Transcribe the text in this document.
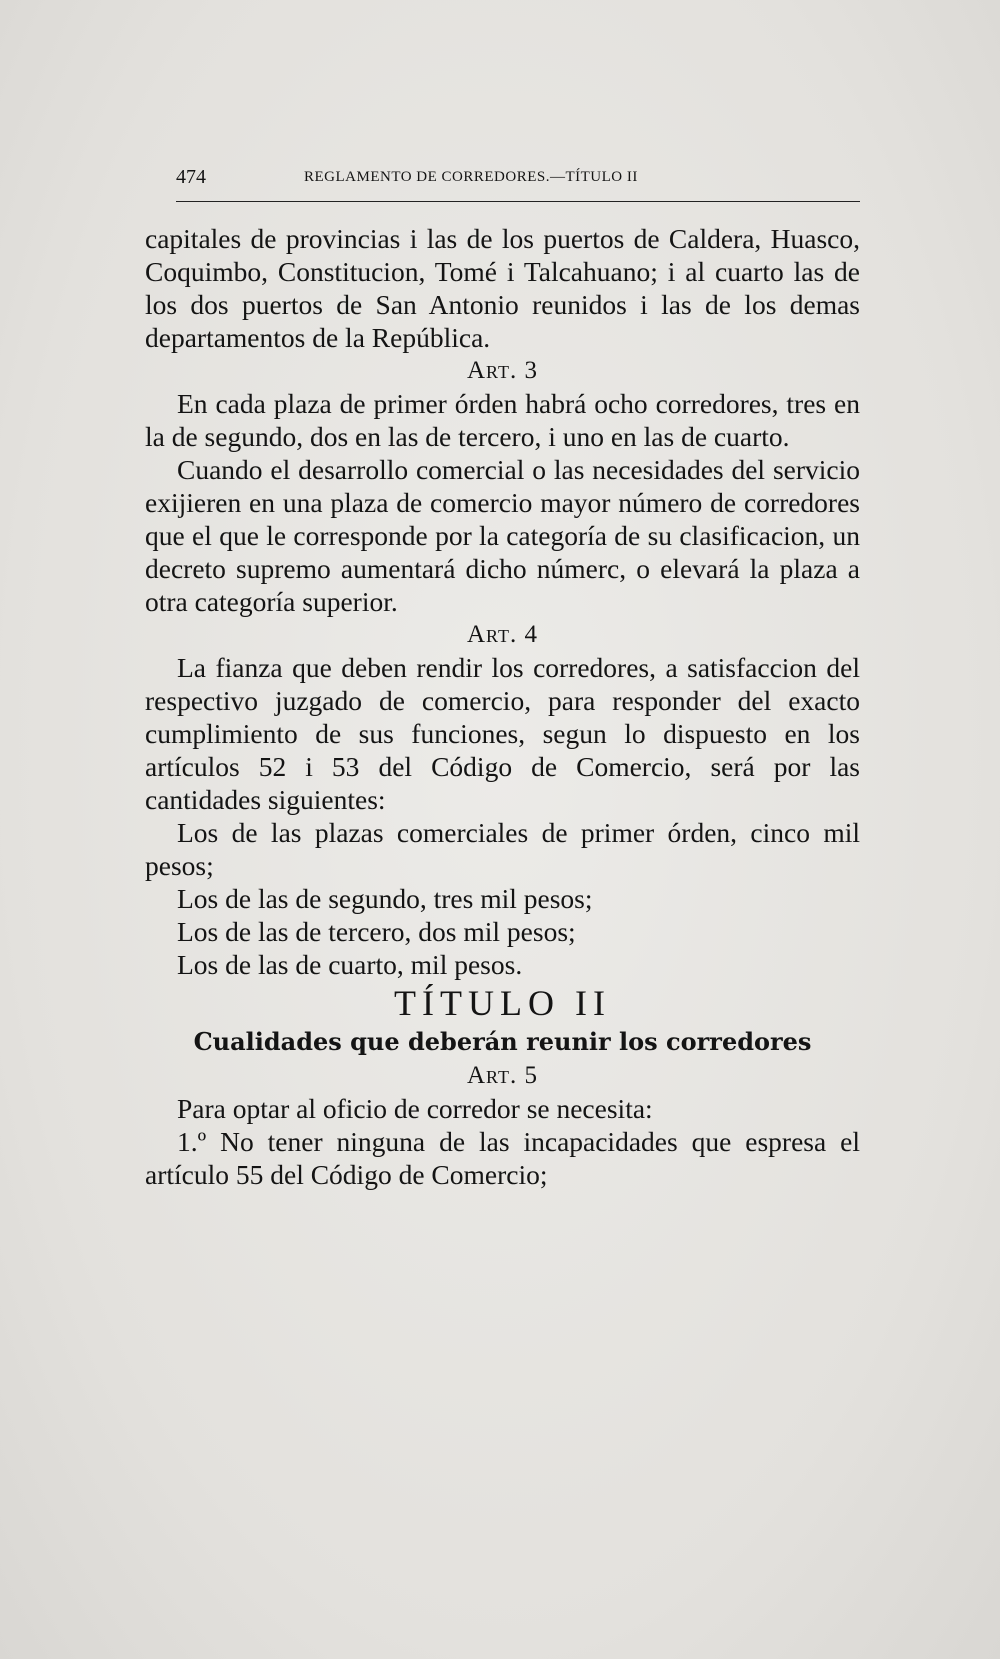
474	REGLAMENTO DE CORREDORES.—TÍTULO II

capitales de provincias i las de los puertos de Caldera, Huasco, Coquimbo, Constitucion, Tomé i Talcahuano; i al cuarto las de los dos puertos de San Antonio reunidos i las de los demas departamentos de la República.

Art. 3

En cada plaza de primer órden habrá ocho corredores, tres en la de segundo, dos en las de tercero, i uno en las de cuarto.

Cuando el desarrollo comercial o las necesidades del servicio exijieren en una plaza de comercio mayor número de corredores que el que le corresponde por la categoría de su clasificacion, un decreto supremo aumentará dicho númerc, o elevará la plaza a otra categoría superior.

Art. 4

La fianza que deben rendir los corredores, a satisfaccion del respectivo juzgado de comercio, para responder del exacto cumplimiento de sus funciones, segun lo dispuesto en los artículos 52 i 53 del Código de Comercio, será por las cantidades siguientes:

Los de las plazas comerciales de primer órden, cinco mil pesos;

Los de las de segundo, tres mil pesos;

Los de las de tercero, dos mil pesos;

Los de las de cuarto, mil pesos.

TÍTULO II

Cualidades que deberán reunir los corredores

Art. 5

Para optar al oficio de corredor se necesita:

1.º No tener ninguna de las incapacidades que espresa el artículo 55 del Código de Comercio;
